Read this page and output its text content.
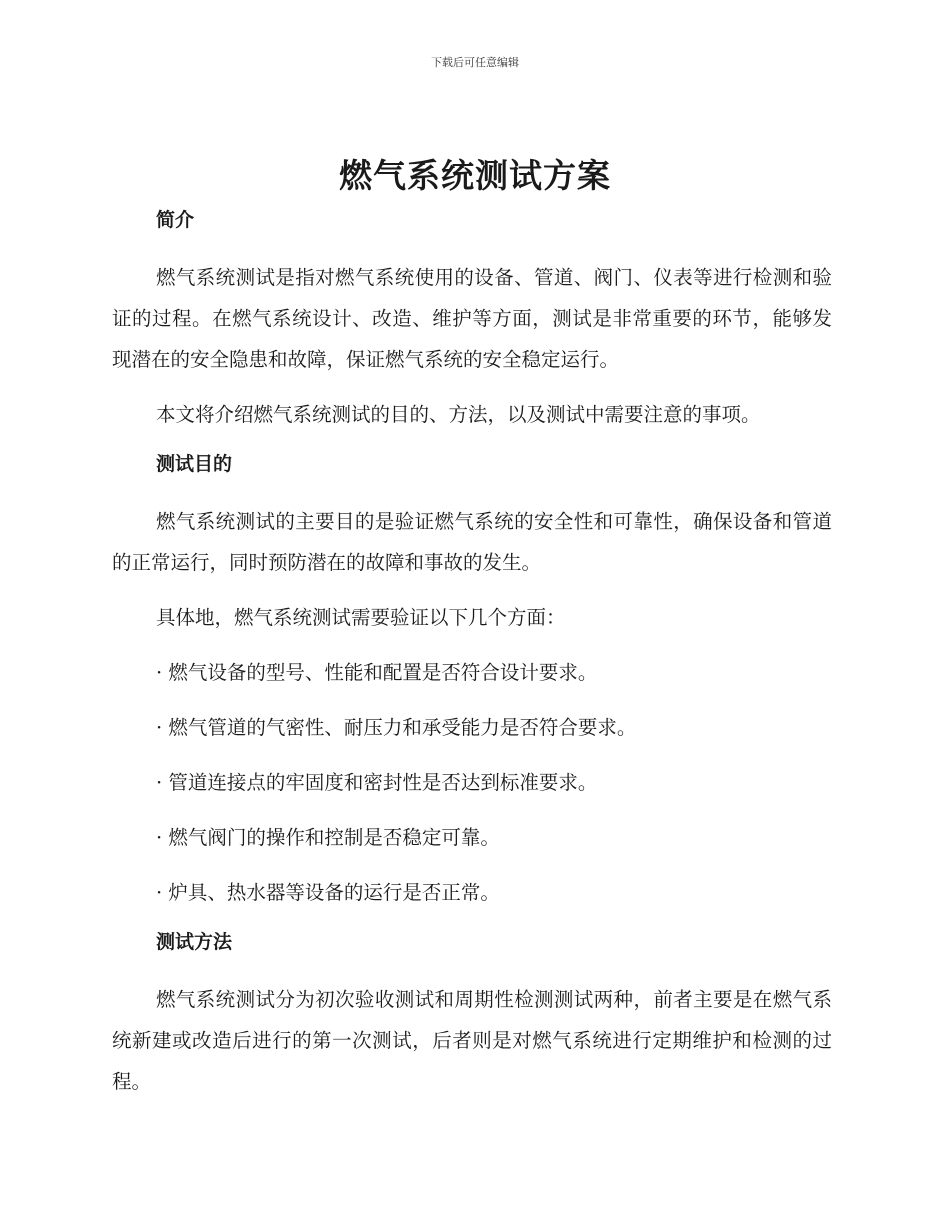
下载后可任意编辑
燃气系统测试方案
简介

燃气系统测试是指对燃气系统使用的设备、管道、阀门、仪表等进行检测和验证的过程。在燃气系统设计、改造、维护等方面，测试是非常重要的环节，能够发现潜在的安全隐患和故障，保证燃气系统的安全稳定运行。

本文将介绍燃气系统测试的目的、方法，以及测试中需要注意的事项。

测试目的

燃气系统测试的主要目的是验证燃气系统的安全性和可靠性，确保设备和管道的正常运行，同时预防潜在的故障和事故的发生。

具体地，燃气系统测试需要验证以下几个方面：

· 燃气设备的型号、性能和配置是否符合设计要求。

· 燃气管道的气密性、耐压力和承受能力是否符合要求。

· 管道连接点的牢固度和密封性是否达到标准要求。

· 燃气阀门的操作和控制是否稳定可靠。

· 炉具、热水器等设备的运行是否正常。

测试方法

燃气系统测试分为初次验收测试和周期性检测测试两种，前者主要是在燃气系统新建或改造后进行的第一次测试，后者则是对燃气系统进行定期维护和检测的过程。
